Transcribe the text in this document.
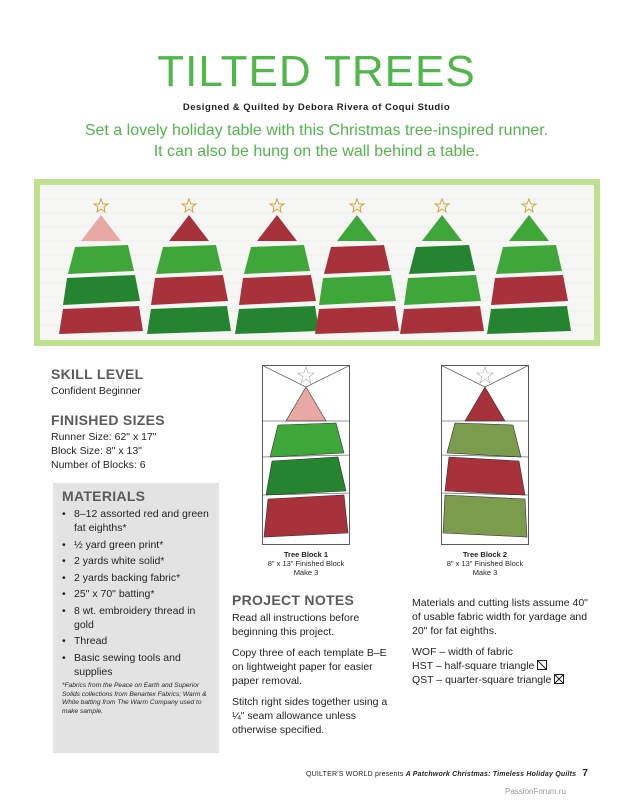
TILTED TREES
Designed & Quilted by Debora Rivera of Coqui Studio
Set a lovely holiday table with this Christmas tree-inspired runner.
It can also be hung on the wall behind a table.
SKILL LEVEL
Confident Beginner
FINISHED SIZES
Runner Size: 62" x 17"
Block Size: 8" x 13"
Number of Blocks: 6
MATERIALS
• 8–12 assorted red and green fat eighths*
• ½ yard green print*
• 2 yards white solid*
• 2 yards backing fabric*
• 25" x 70" batting*
• 8 wt. embroidery thread in gold
• Thread
• Basic sewing tools and supplies
*Fabrics from the Peace on Earth and Superior Solids collections from Benartex Fabrics; Warm & White batting from The Warm Company used to make sample.
Tree Block 1
8" x 13" Finished Block
Make 3
Tree Block 2
8" x 13" Finished Block
Make 3
PROJECT NOTES

Read all instructions before beginning this project.

Copy three of each template B–E on lightweight paper for easier paper removal.

Stitch right sides together using a ¼" seam allowance unless otherwise specified.

Materials and cutting lists assume 40" of usable fabric width for yardage and 20" for fat eighths.

WOF – width of fabric
HST – half-square triangle
QST – quarter-square triangle
QUILTER'S WORLD presents A Patchwork Christmas: Timeless Holiday Quilts 7
PassionForum.ru
